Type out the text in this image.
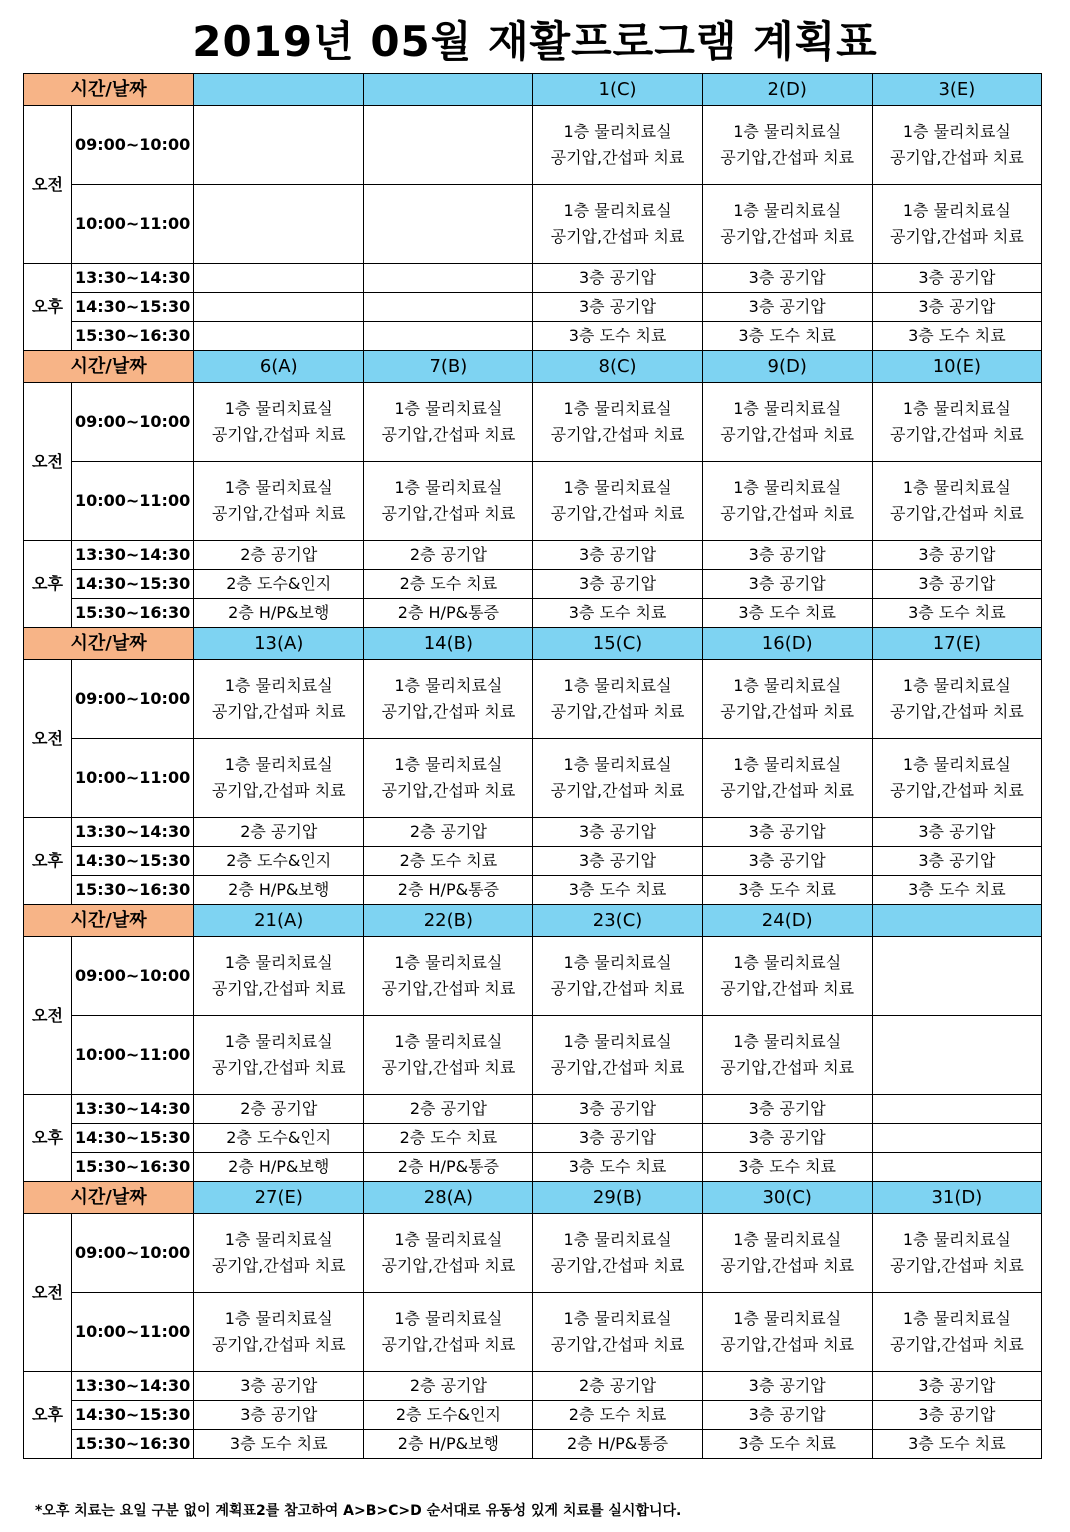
2019년 05월 재활프로그램 계획표
시간/날짜				1(C)	2(D)	3(E)
오전	09:00~10:00			1층 물리치료실
공기압,간섭파 치료	1층 물리치료실
공기압,간섭파 치료	1층 물리치료실
공기압,간섭파 치료

	10:00~11:00			1층 물리치료실
공기압,간섭파 치료	1층 물리치료실
공기압,간섭파 치료	1층 물리치료실
공기압,간섭파 치료

오후	13:30~14:30			3층 공기압	3층 공기압	3층 공기압
	14:30~15:30			3층 공기압	3층 공기압	3층 공기압
	15:30~16:30			3층 도수 치료	3층 도수 치료	3층 도수 치료
시간/날짜		6(A)	7(B)	8(C)	9(D)	10(E)
오전	09:00~10:00	1층 물리치료실
공기압,간섭파 치료	1층 물리치료실
공기압,간섭파 치료	1층 물리치료실
공기압,간섭파 치료	1층 물리치료실
공기압,간섭파 치료	1층 물리치료실
공기압,간섭파 치료

	10:00~11:00	1층 물리치료실
공기압,간섭파 치료	1층 물리치료실
공기압,간섭파 치료	1층 물리치료실
공기압,간섭파 치료	1층 물리치료실
공기압,간섭파 치료	1층 물리치료실
공기압,간섭파 치료

오후	13:30~14:30	2층 공기압	2층 공기압	3층 공기압	3층 공기압	3층 공기압
	14:30~15:30	2층 도수&인지	2층 도수 치료	3층 공기압	3층 공기압	3층 공기압
	15:30~16:30	2층 H/P&보행	2층 H/P&통증	3층 도수 치료	3층 도수 치료	3층 도수 치료
시간/날짜		13(A)	14(B)	15(C)	16(D)	17(E)
오전	09:00~10:00	1층 물리치료실
공기압,간섭파 치료	1층 물리치료실
공기압,간섭파 치료	1층 물리치료실
공기압,간섭파 치료	1층 물리치료실
공기압,간섭파 치료	1층 물리치료실
공기압,간섭파 치료

	10:00~11:00	1층 물리치료실
공기압,간섭파 치료	1층 물리치료실
공기압,간섭파 치료	1층 물리치료실
공기압,간섭파 치료	1층 물리치료실
공기압,간섭파 치료	1층 물리치료실
공기압,간섭파 치료

오후	13:30~14:30	2층 공기압	2층 공기압	3층 공기압	3층 공기압	3층 공기압
	14:30~15:30	2층 도수&인지	2층 도수 치료	3층 공기압	3층 공기압	3층 공기압
	15:30~16:30	2층 H/P&보행	2층 H/P&통증	3층 도수 치료	3층 도수 치료	3층 도수 치료
시간/날짜		21(A)	22(B)	23(C)	24(D)	
오전	09:00~10:00	1층 물리치료실
공기압,간섭파 치료	1층 물리치료실
공기압,간섭파 치료	1층 물리치료실
공기압,간섭파 치료	1층 물리치료실
공기압,간섭파 치료	

	10:00~11:00	1층 물리치료실
공기압,간섭파 치료	1층 물리치료실
공기압,간섭파 치료	1층 물리치료실
공기압,간섭파 치료	1층 물리치료실
공기압,간섭파 치료	

오후	13:30~14:30	2층 공기압	2층 공기압	3층 공기압	3층 공기압	
	14:30~15:30	2층 도수&인지	2층 도수 치료	3층 공기압	3층 공기압	
	15:30~16:30	2층 H/P&보행	2층 H/P&통증	3층 도수 치료	3층 도수 치료	
시간/날짜		27(E)	28(A)	29(B)	30(C)	31(D)
오전	09:00~10:00	1층 물리치료실
공기압,간섭파 치료	1층 물리치료실
공기압,간섭파 치료	1층 물리치료실
공기압,간섭파 치료	1층 물리치료실
공기압,간섭파 치료	1층 물리치료실
공기압,간섭파 치료

	10:00~11:00	1층 물리치료실
공기압,간섭파 치료	1층 물리치료실
공기압,간섭파 치료	1층 물리치료실
공기압,간섭파 치료	1층 물리치료실
공기압,간섭파 치료	1층 물리치료실
공기압,간섭파 치료

오후	13:30~14:30	3층 공기압	2층 공기압	2층 공기압	3층 공기압	3층 공기압
	14:30~15:30	3층 공기압	2층 도수&인지	2층 도수 치료	3층 공기압	3층 공기압
	15:30~16:30	3층 도수 치료	2층 H/P&보행	2층 H/P&통증	3층 도수 치료	3층 도수 치료
*오후 치료는 요일 구분 없이 계획표2를 참고하여 A>B>C>D 순서대로 유동성 있게 치료를 실시합니다.
